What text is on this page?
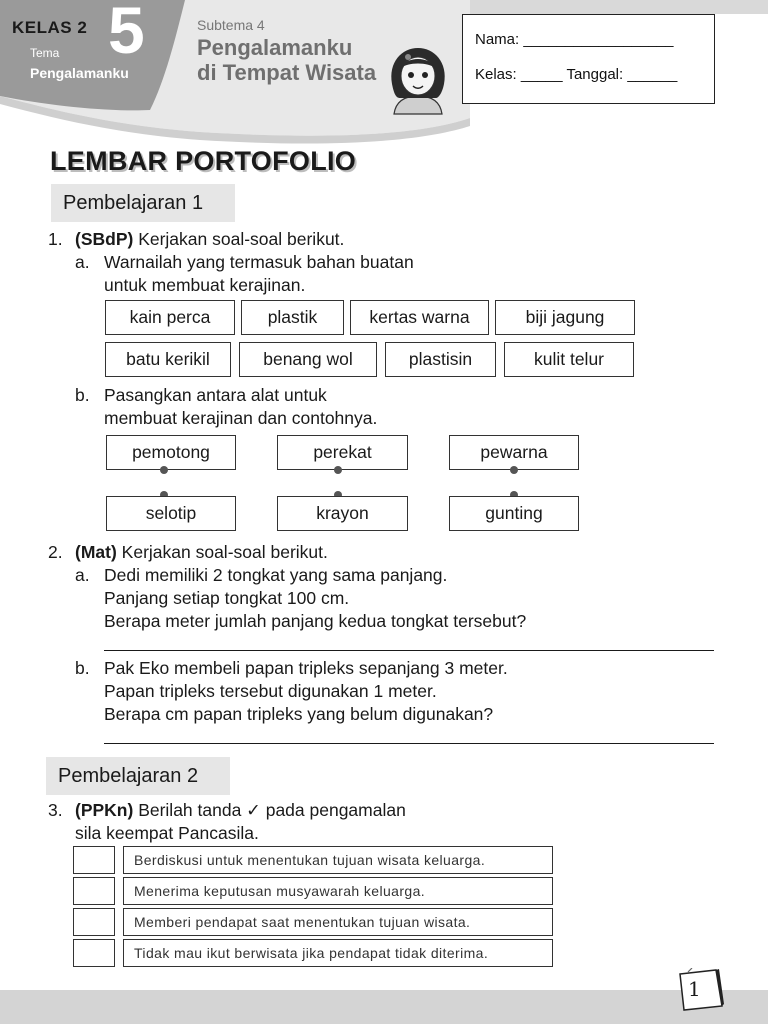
KELAS 2 5
Tema
Pengalamanku
Subtema 4
Pengalamanku
di Tempat Wisata
Nama: __________________
Kelas: _____ Tanggal: ______
LEMBAR PORTOFOLIO
Pembelajaran 1
1. (SBdP) Kerjakan soal-soal berikut.
a. Warnailah yang termasuk bahan buatan
untuk membuat kerajinan.
kain perca	plastik	kertas warna	biji jagung
batu kerikil	benang wol	plastisin	kulit telur
b. Pasangkan antara alat untuk
membuat kerajinan dan contohnya.
pemotong	perekat	pewarna
selotip	krayon	gunting
2. (Mat) Kerjakan soal-soal berikut.
a. Dedi memiliki 2 tongkat yang sama panjang.
Panjang setiap tongkat 100 cm.
Berapa meter jumlah panjang kedua tongkat tersebut?
b. Pak Eko membeli papan tripleks sepanjang 3 meter.
Papan tripleks tersebut digunakan 1 meter.
Berapa cm papan tripleks yang belum digunakan?
Pembelajaran 2
3. (PPKn) Berilah tanda ✓ pada pengamalan
sila keempat Pancasila.
Berdiskusi untuk menentukan tujuan wisata keluarga.
Menerima keputusan musyawarah keluarga.
Memberi pendapat saat menentukan tujuan wisata.
Tidak mau ikut berwisata jika pendapat tidak diterima.
1
